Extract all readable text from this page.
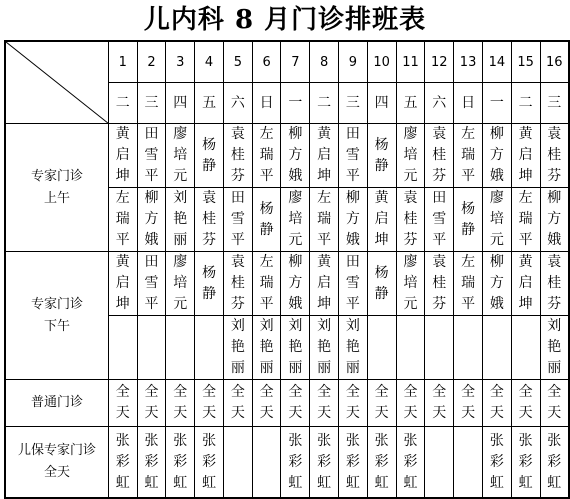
儿内科 8 月门诊排班表
	1	2	3	4	5	6	7	8	9	10	11	12	13	14	15	16
	二	三	四	五	六	日	一	二	三	四	五	六	日	一	二	三
专家门诊
上午	黄启坤	田雪平	廖培元	杨静	袁桂芬	左瑞平	柳方娥	黄启坤	田雪平	杨静	廖培元	袁桂芬	左瑞平	柳方娥	黄启坤	袁桂芬
	左瑞平	柳方娥	刘艳丽	袁桂芬	田雪平	杨静	廖培元	左瑞平	柳方娥	黄启坤	袁桂芬	田雪平	杨静	廖培元	左瑞平	柳方娥
专家门诊
下午	黄启坤	田雪平	廖培元	杨静	袁桂芬	左瑞平	柳方娥	黄启坤	田雪平	杨静	廖培元	袁桂芬	左瑞平	柳方娥	黄启坤	袁桂芬
					刘艳丽	刘艳丽	刘艳丽	刘艳丽	刘艳丽							刘艳丽
普通门诊	全天	全天	全天	全天	全天	全天	全天	全天	全天	全天	全天	全天	全天	全天	全天	全天
儿保专家门诊
全天	张彩虹	张彩虹	张彩虹	张彩虹			张彩虹	张彩虹	张彩虹	张彩虹	张彩虹			张彩虹	张彩虹	张彩虹
